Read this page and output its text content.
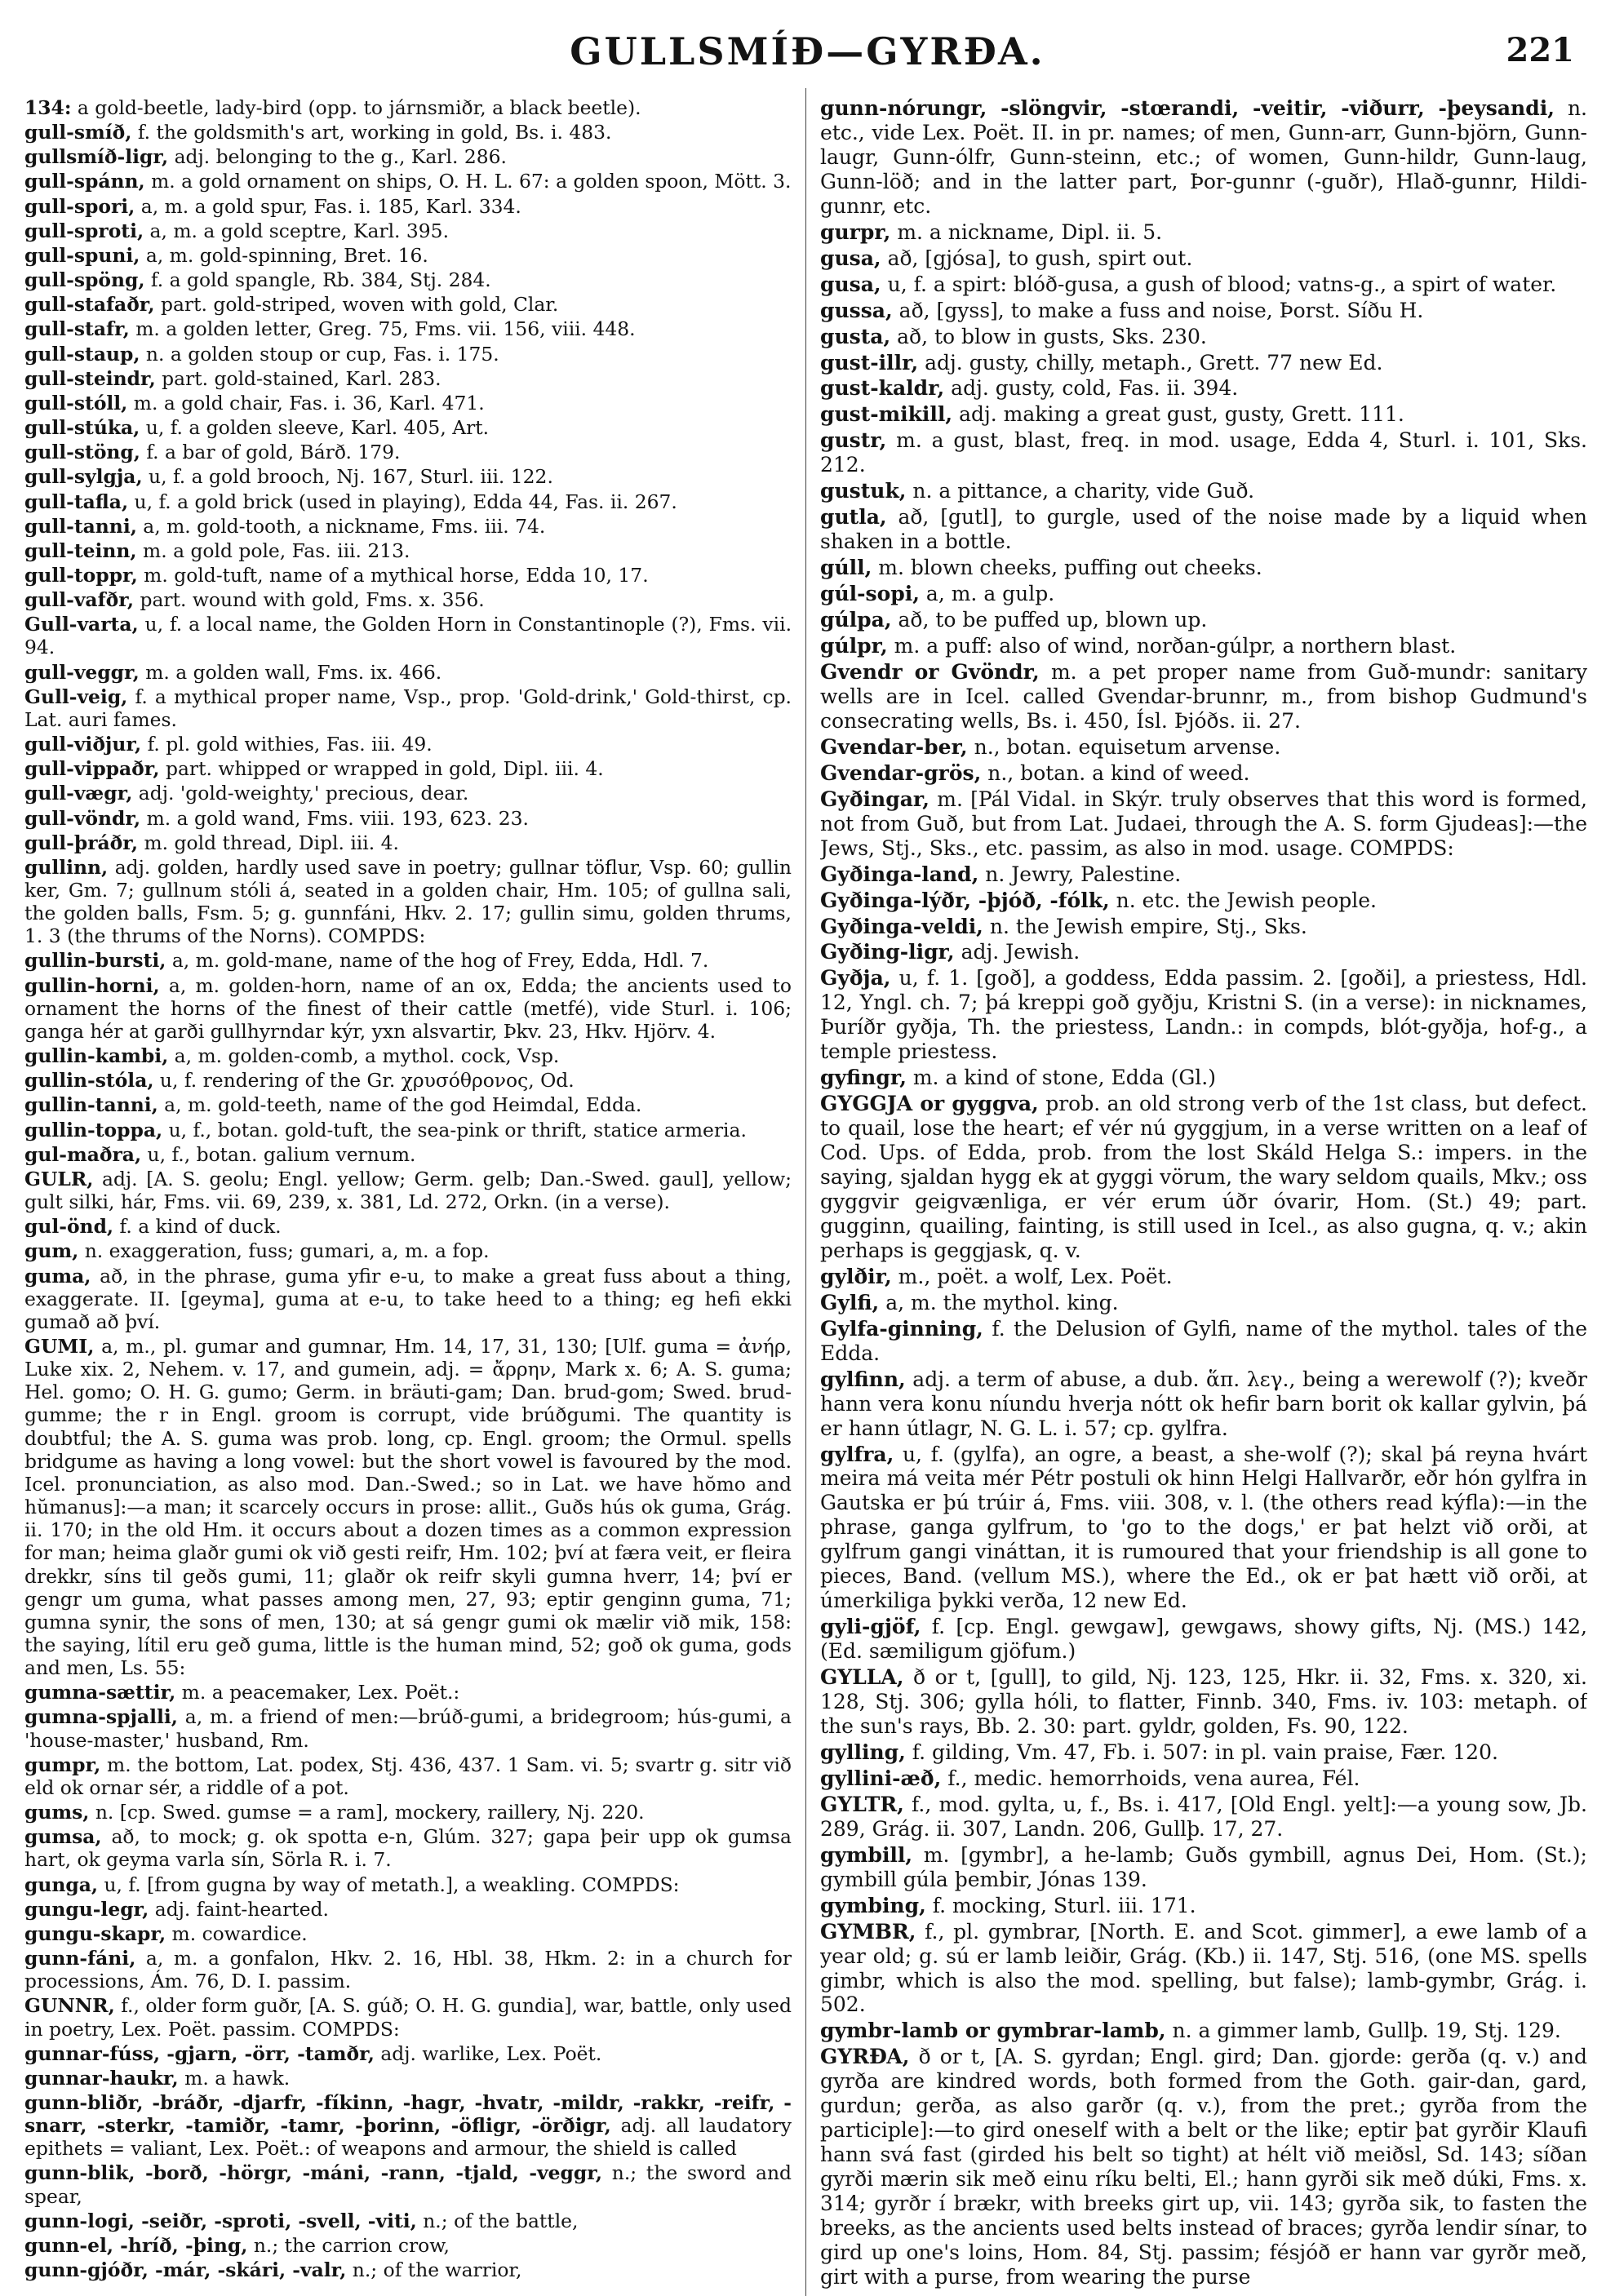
GULLSMÍÐ—GYRÐA.	221

134: a gold-beetle, lady-bird (opp. to járnsmiðr, a black beetle).

gull-smíð, f. the goldsmith's art, working in gold, Bs. i. 483.

gullsmíð-ligr, adj. belonging to the g., Karl. 286.

gull-spánn, m. a gold ornament on ships, O. H. L. 67: a golden spoon, Mött. 3.

gull-spori, a, m. a gold spur, Fas. i. 185, Karl. 334.

gull-sproti, a, m. a gold sceptre, Karl. 395.

gull-spuni, a, m. gold-spinning, Bret. 16.

gull-spöng, f. a gold spangle, Rb. 384, Stj. 284.

gull-stafaðr, part. gold-striped, woven with gold, Clar.

gull-stafr, m. a golden letter, Greg. 75, Fms. vii. 156, viii. 448.

gull-staup, n. a golden stoup or cup, Fas. i. 175.

gull-steindr, part. gold-stained, Karl. 283.

gull-stóll, m. a gold chair, Fas. i. 36, Karl. 471.

gull-stúka, u, f. a golden sleeve, Karl. 405, Art.

gull-stöng, f. a bar of gold, Bárð. 179.

gull-sylgja, u, f. a gold brooch, Nj. 167, Sturl. iii. 122.

gull-tafla, u, f. a gold brick (used in playing), Edda 44, Fas. ii. 267.

gull-tanni, a, m. gold-tooth, a nickname, Fms. iii. 74.

gull-teinn, m. a gold pole, Fas. iii. 213.

gull-toppr, m. gold-tuft, name of a mythical horse, Edda 10, 17.

gull-vafðr, part. wound with gold, Fms. x. 356.

Gull-varta, u, f. a local name, the Golden Horn in Constantinople (?), Fms. vii. 94.

gull-veggr, m. a golden wall, Fms. ix. 466.

Gull-veig, f. a mythical proper name, Vsp., prop. 'Gold-drink,' Gold-thirst, cp. Lat. auri fames.

gull-viðjur, f. pl. gold withies, Fas. iii. 49.

gull-vippaðr, part. whipped or wrapped in gold, Dipl. iii. 4.

gull-vægr, adj. 'gold-weighty,' precious, dear.

gull-vöndr, m. a gold wand, Fms. viii. 193, 623. 23.

gull-þráðr, m. gold thread, Dipl. iii. 4.

gullinn, adj. golden, hardly used save in poetry; gullnar töflur, Vsp. 60; gullin ker, Gm. 7; gullnum stóli á, seated in a golden chair, Hm. 105; of gullna sali, the golden balls, Fsm. 5; g. gunnfáni, Hkv. 2. 17; gullin simu, golden thrums, 1. 3 (the thrums of the Norns). COMPDS:

gullin-bursti, a, m. gold-mane, name of the hog of Frey, Edda, Hdl. 7.

gullin-horni, a, m. golden-horn, name of an ox, Edda; the ancients used to ornament the horns of the finest of their cattle (metfé), vide Sturl. i. 106; ganga hér at garði gullhyrndar kýr, yxn alsvartir, Þkv. 23, Hkv. Hjörv. 4.

gullin-kambi, a, m. golden-comb, a mythol. cock, Vsp.

gullin-stóla, u, f. rendering of the Gr. χρυσόθρονος, Od.

gullin-tanni, a, m. gold-teeth, name of the god Heimdal, Edda.

gullin-toppa, u, f., botan. gold-tuft, the sea-pink or thrift, statice armeria.

gul-maðra, u, f., botan. galium vernum.

GULR, adj. [A. S. geolu; Engl. yellow; Germ. gelb; Dan.-Swed. gaul], yellow; gult silki, hár, Fms. vii. 69, 239, x. 381, Ld. 272, Orkn. (in a verse).

gul-önd, f. a kind of duck.

gum, n. exaggeration, fuss; gumari, a, m. a fop.

guma, að, in the phrase, guma yfir e-u, to make a great fuss about a thing, exaggerate. II. [geyma], guma at e-u, to take heed to a thing; eg hefi ekki gumað að því.

GUMI, a, m., pl. gumar and gumnar, Hm. 14, 17, 31, 130; [Ulf. guma = ἀνήρ, Luke xix. 2, Nehem. v. 17, and gumein, adj. = ἄρρην, Mark x. 6; A. S. guma; Hel. gomo; O. H. G. gumo; Germ. in bräuti-gam; Dan. brud-gom; Swed. brud-gumme; the r in Engl. groom is corrupt, vide brúðgumi. The quantity is doubtful; the A. S. guma was prob. long, cp. Engl. groom; the Ormul. spells bridgume as having a long vowel: but the short vowel is favoured by the mod. Icel. pronunciation, as also mod. Dan.-Swed.; so in Lat. we have hŏmo and hŭmanus]:—a man; it scarcely occurs in prose: allit., Guðs hús ok guma, Grág. ii. 170; in the old Hm. it occurs about a dozen times as a common expression for man; heima glaðr gumi ok við gesti reifr, Hm. 102; því at færa veit, er fleira drekkr, síns til geðs gumi, 11; glaðr ok reifr skyli gumna hverr, 14; því er gengr um guma, what passes among men, 27, 93; eptir genginn guma, 71; gumna synir, the sons of men, 130; at sá gengr gumi ok mælir við mik, 158: the saying, lítil eru geð guma, little is the human mind, 52; goð ok guma, gods and men, Ls. 55:

gumna-sættir, m. a peacemaker, Lex. Poët.:

gumna-spjalli, a, m. a friend of men:—brúð-gumi, a bridegroom; hús-gumi, a 'house-master,' husband, Rm.

gumpr, m. the bottom, Lat. podex, Stj. 436, 437. 1 Sam. vi. 5; svartr g. sitr við eld ok ornar sér, a riddle of a pot.

gums, n. [cp. Swed. gumse = a ram], mockery, raillery, Nj. 220.

gumsa, að, to mock; g. ok spotta e-n, Glúm. 327; gapa þeir upp ok gumsa hart, ok geyma varla sín, Sörla R. i. 7.

gunga, u, f. [from gugna by way of metath.], a weakling. COMPDS:

gungu-legr, adj. faint-hearted.

gungu-skapr, m. cowardice.

gunn-fáni, a, m. a gonfalon, Hkv. 2. 16, Hbl. 38, Hkm. 2: in a church for processions, Ám. 76, D. I. passim.

GUNNR, f., older form guðr, [A. S. gúð; O. H. G. gundia], war, battle, only used in poetry, Lex. Poët. passim. COMPDS:

gunnar-fúss, -gjarn, -örr, -tamðr, adj. warlike, Lex. Poët.

gunnar-haukr, m. a hawk.

gunn-bliðr, -bráðr, -djarfr, -fíkinn, -hagr, -hvatr, -mildr, -rakkr, -reifr, -snarr, -sterkr, -tamiðr, -tamr, -þorinn, -öfligr, -örðigr, adj. all laudatory epithets = valiant, Lex. Poët.: of weapons and armour, the shield is called

gunn-blik, -borð, -hörgr, -máni, -rann, -tjald, -veggr, n.; the sword and spear,

gunn-logi, -seiðr, -sproti, -svell, -viti, n.; of the battle,

gunn-el, -hríð, -þing, n.; the carrion crow,

gunn-gjóðr, -már, -skári, -valr, n.; of the warrior,

gunn-nórungr, -slöngvir, -stœrandi, -veitir, -viðurr, -þeysandi, n. etc., vide Lex. Poët. II. in pr. names; of men, Gunn-arr, Gunn-björn, Gunn-laugr, Gunn-ólfr, Gunn-steinn, etc.; of women, Gunn-hildr, Gunn-laug, Gunn-löð; and in the latter part, Þor-gunnr (-guðr), Hlað-gunnr, Hildi-gunnr, etc.

gurpr, m. a nickname, Dipl. ii. 5.

gusa, að, [gjósa], to gush, spirt out.

gusa, u, f. a spirt: blóð-gusa, a gush of blood; vatns-g., a spirt of water.

gussa, að, [gyss], to make a fuss and noise, Þorst. Síðu H.

gusta, að, to blow in gusts, Sks. 230.

gust-illr, adj. gusty, chilly, metaph., Grett. 77 new Ed.

gust-kaldr, adj. gusty, cold, Fas. ii. 394.

gust-mikill, adj. making a great gust, gusty, Grett. 111.

gustr, m. a gust, blast, freq. in mod. usage, Edda 4, Sturl. i. 101, Sks. 212.

gustuk, n. a pittance, a charity, vide Guð.

gutla, að, [gutl], to gurgle, used of the noise made by a liquid when shaken in a bottle.

gúll, m. blown cheeks, puffing out cheeks.

gúl-sopi, a, m. a gulp.

gúlpa, að, to be puffed up, blown up.

gúlpr, m. a puff: also of wind, norðan-gúlpr, a northern blast.

Gvendr or Gvöndr, m. a pet proper name from Guð-mundr: sanitary wells are in Icel. called Gvendar-brunnr, m., from bishop Gudmund's consecrating wells, Bs. i. 450, Ísl. Þjóðs. ii. 27.

Gvendar-ber, n., botan. equisetum arvense.

Gvendar-grös, n., botan. a kind of weed.

Gyðingar, m. [Pál Vidal. in Skýr. truly observes that this word is formed, not from Guð, but from Lat. Judaei, through the A. S. form Gjudeas]:—the Jews, Stj., Sks., etc. passim, as also in mod. usage. COMPDS:

Gyðinga-land, n. Jewry, Palestine.

Gyðinga-lýðr, -þjóð, -fólk, n. etc. the Jewish people.

Gyðinga-veldi, n. the Jewish empire, Stj., Sks.

Gyðing-ligr, adj. Jewish.

Gyðja, u, f. 1. [goð], a goddess, Edda passim. 2. [goði], a priestess, Hdl. 12, Yngl. ch. 7; þá kreppi goð gyðju, Kristni S. (in a verse): in nicknames, Þuríðr gyðja, Th. the priestess, Landn.: in compds, blót-gyðja, hof-g., a temple priestess.

gyfingr, m. a kind of stone, Edda (Gl.)

GYGGJA or gyggva, prob. an old strong verb of the 1st class, but defect. to quail, lose the heart; ef vér nú gyggjum, in a verse written on a leaf of Cod. Ups. of Edda, prob. from the lost Skáld Helga S.: impers. in the saying, sjaldan hygg ek at gyggi vörum, the wary seldom quails, Mkv.; oss gyggvir geigvænliga, er vér erum úðr óvarir, Hom. (St.) 49; part. gugginn, quailing, fainting, is still used in Icel., as also gugna, q. v.; akin perhaps is geggjask, q. v.

gylðir, m., poët. a wolf, Lex. Poët.

Gylfi, a, m. the mythol. king.

Gylfa-ginning, f. the Delusion of Gylfi, name of the mythol. tales of the Edda.

gylfinn, adj. a term of abuse, a dub. ἅπ. λεγ., being a werewolf (?); kveðr hann vera konu níundu hverja nótt ok hefir barn borit ok kallar gylvin, þá er hann útlagr, N. G. L. i. 57; cp. gylfra.

gylfra, u, f. (gylfa), an ogre, a beast, a she-wolf (?); skal þá reyna hvárt meira má veita mér Pétr postuli ok hinn Helgi Hallvarðr, eðr hón gylfra in Gautska er þú trúir á, Fms. viii. 308, v. l. (the others read kýfla):—in the phrase, ganga gylfrum, to 'go to the dogs,' er þat helzt við orði, at gylfrum gangi vináttan, it is rumoured that your friendship is all gone to pieces, Band. (vellum MS.), where the Ed., ok er þat hætt við orði, at úmerkiliga þykki verða, 12 new Ed.

gyli-gjöf, f. [cp. Engl. gewgaw], gewgaws, showy gifts, Nj. (MS.) 142, (Ed. sæmiligum gjöfum.)

GYLLA, ð or t, [gull], to gild, Nj. 123, 125, Hkr. ii. 32, Fms. x. 320, xi. 128, Stj. 306; gylla hóli, to flatter, Finnb. 340, Fms. iv. 103: metaph. of the sun's rays, Bb. 2. 30: part. gyldr, golden, Fs. 90, 122.

gylling, f. gilding, Vm. 47, Fb. i. 507: in pl. vain praise, Fær. 120.

gyllini-æð, f., medic. hemorrhoids, vena aurea, Fél.

GYLTR, f., mod. gylta, u, f., Bs. i. 417, [Old Engl. yelt]:—a young sow, Jb. 289, Grág. ii. 307, Landn. 206, Gullþ. 17, 27.

gymbill, m. [gymbr], a he-lamb; Guðs gymbill, agnus Dei, Hom. (St.); gymbill gúla þembir, Jónas 139.

gymbing, f. mocking, Sturl. iii. 171.

GYMBR, f., pl. gymbrar, [North. E. and Scot. gimmer], a ewe lamb of a year old; g. sú er lamb leiðir, Grág. (Kb.) ii. 147, Stj. 516, (one MS. spells gimbr, which is also the mod. spelling, but false); lamb-gymbr, Grág. i. 502.

gymbr-lamb or gymbrar-lamb, n. a gimmer lamb, Gullþ. 19, Stj. 129.

GYRÐA, ð or t, [A. S. gyrdan; Engl. gird; Dan. gjorde: gerða (q. v.) and gyrða are kindred words, both formed from the Goth. gair-dan, gard, gurdun; gerða, as also garðr (q. v.), from the pret.; gyrða from the participle]:—to gird oneself with a belt or the like; eptir þat gyrðir Klaufi hann svá fast (girded his belt so tight) at hélt við meiðsl, Sd. 143; síðan gyrði mærin sik með einu ríku belti, El.; hann gyrði sik með dúki, Fms. x. 314; gyrðr í brækr, with breeks girt up, vii. 143; gyrða sik, to fasten the breeks, as the ancients used belts instead of braces; gyrða lendir sínar, to gird up one's loins, Hom. 84, Stj. passim; fésjóð er hann var gyrðr með, girt with a purse, from wearing the purse
